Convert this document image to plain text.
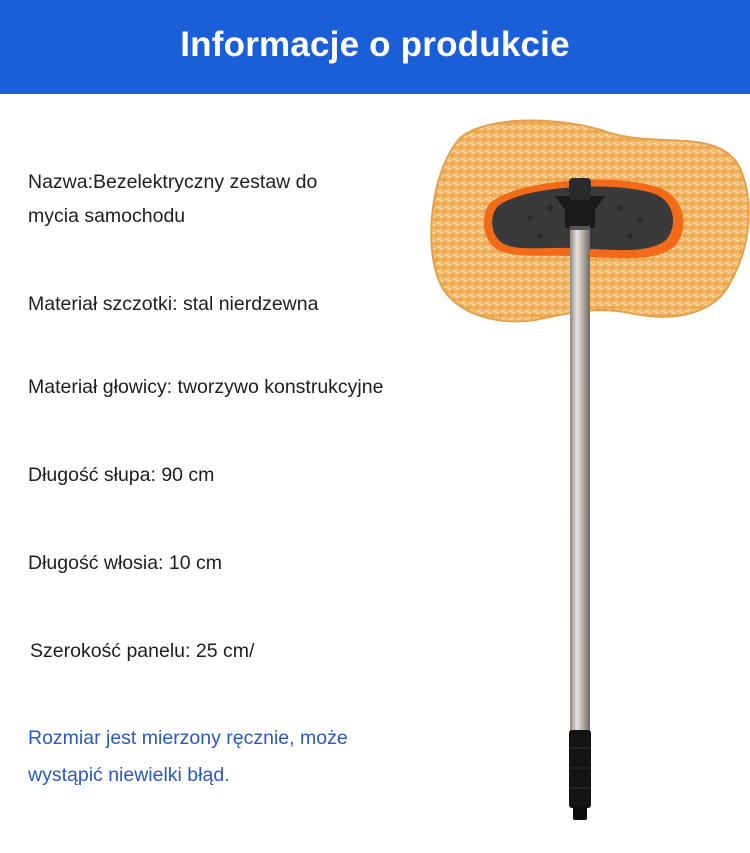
Informacje o produkcie
Nazwa:Bezelektryczny zestaw do
mycia samochodu
Materiał szczotki: stal nierdzewna
Materiał głowicy: tworzywo konstrukcyjne
Długość słupa: 90 cm
Długość włosia: 10 cm
Szerokość panelu: 25 cm/
Rozmiar jest mierzony ręcznie, może
wystąpić niewielki błąd.
